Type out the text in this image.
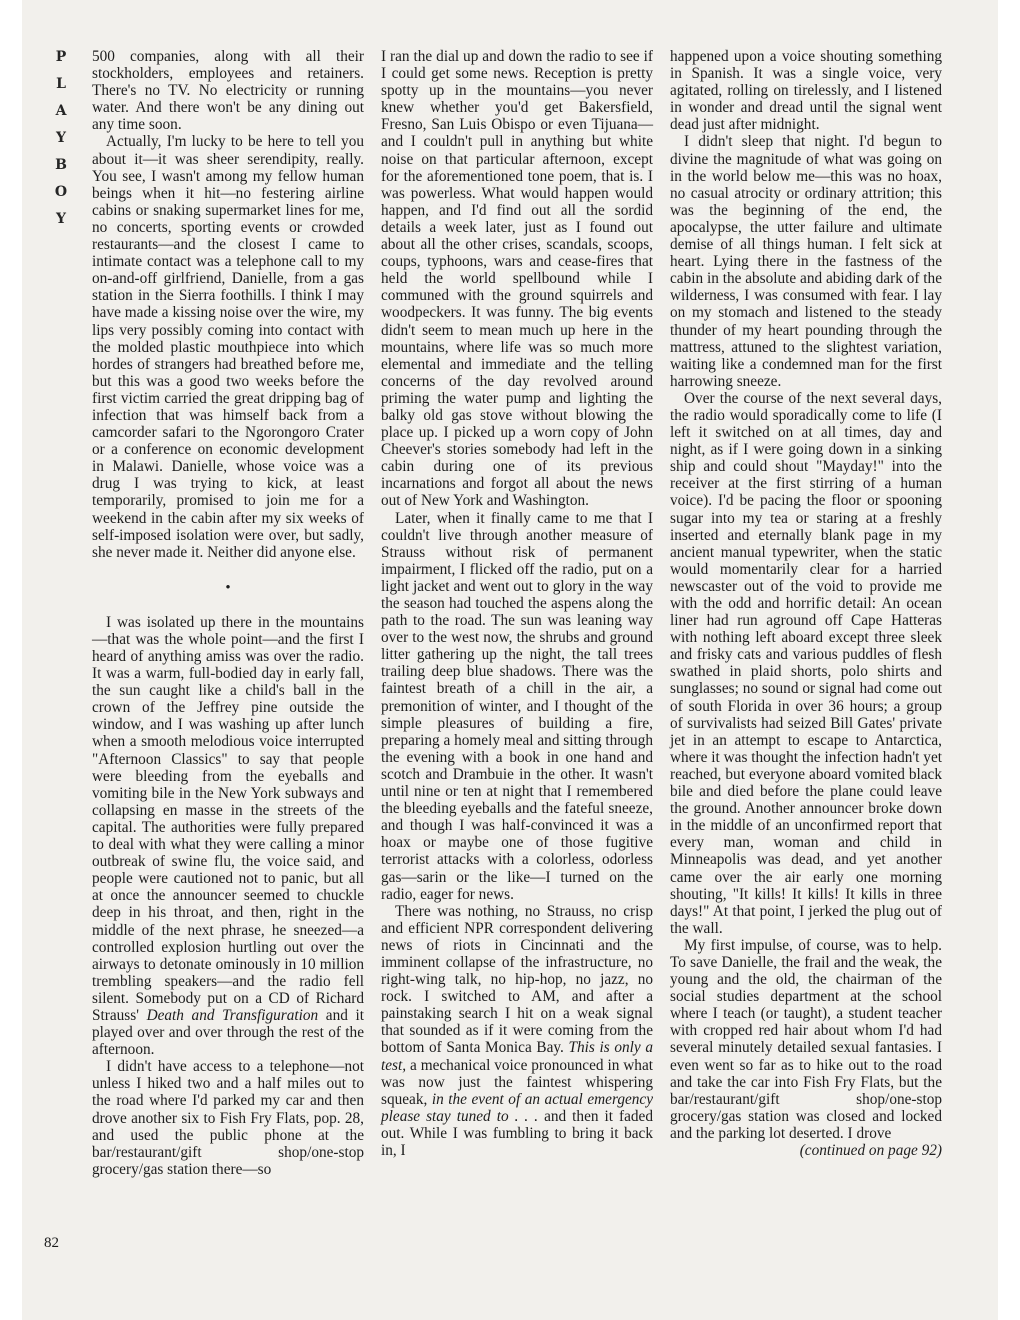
P
L
A
Y
B
O
Y
82

500 companies, along with all their stockholders, employees and retainers. There's no TV. No electricity or running water. And there won't be any dining out any time soon.

Actually, I'm lucky to be here to tell you about it—it was sheer serendipity, really. You see, I wasn't among my fellow human beings when it hit—no festering airline cabins or snaking supermarket lines for me, no concerts, sporting events or crowded restaurants—and the closest I came to intimate contact was a telephone call to my on-and-off girlfriend, Danielle, from a gas station in the Sierra foothills. I think I may have made a kissing noise over the wire, my lips very possibly coming into contact with the molded plastic mouthpiece into which hordes of strangers had breathed before me, but this was a good two weeks before the first victim carried the great dripping bag of infection that was himself back from a camcorder safari to the Ngorongoro Crater or a conference on economic development in Malawi. Danielle, whose voice was a drug I was trying to kick, at least temporarily, promised to join me for a weekend in the cabin after my six weeks of self-imposed isolation were over, but sadly, she never made it. Neither did anyone else.

•

I was isolated up there in the mountains—that was the whole point—and the first I heard of anything amiss was over the radio. It was a warm, full-bodied day in early fall, the sun caught like a child's ball in the crown of the Jeffrey pine outside the window, and I was washing up after lunch when a smooth melodious voice interrupted "Afternoon Classics" to say that people were bleeding from the eyeballs and vomiting bile in the New York subways and collapsing en masse in the streets of the capital. The authorities were fully prepared to deal with what they were calling a minor outbreak of swine flu, the voice said, and people were cautioned not to panic, but all at once the announcer seemed to chuckle deep in his throat, and then, right in the middle of the next phrase, he sneezed—a controlled explosion hurtling out over the airways to detonate ominously in 10 million trembling speakers—and the radio fell silent. Somebody put on a CD of Richard Strauss' Death and Transfiguration and it played over and over through the rest of the afternoon.

I didn't have access to a telephone—not unless I hiked two and a half miles out to the road where I'd parked my car and then drove another six to Fish Fry Flats, pop. 28, and used the public phone at the bar/restaurant/gift shop/one-stop grocery/gas station there—so

I ran the dial up and down the radio to see if I could get some news. Reception is pretty spotty up in the mountains—you never knew whether you'd get Bakersfield, Fresno, San Luis Obispo or even Tijuana—and I couldn't pull in anything but white noise on that particular afternoon, except for the aforementioned tone poem, that is. I was powerless. What would happen would happen, and I'd find out all the sordid details a week later, just as I found out about all the other crises, scandals, scoops, coups, typhoons, wars and cease-fires that held the world spellbound while I communed with the ground squirrels and woodpeckers. It was funny. The big events didn't seem to mean much up here in the mountains, where life was so much more elemental and immediate and the telling concerns of the day revolved around priming the water pump and lighting the balky old gas stove without blowing the place up. I picked up a worn copy of John Cheever's stories somebody had left in the cabin during one of its previous incarnations and forgot all about the news out of New York and Washington.

Later, when it finally came to me that I couldn't live through another measure of Strauss without risk of permanent impairment, I flicked off the radio, put on a light jacket and went out to glory in the way the season had touched the aspens along the path to the road. The sun was leaning way over to the west now, the shrubs and ground litter gathering up the night, the tall trees trailing deep blue shadows. There was the faintest breath of a chill in the air, a premonition of winter, and I thought of the simple pleasures of building a fire, preparing a homely meal and sitting through the evening with a book in one hand and scotch and Drambuie in the other. It wasn't until nine or ten at night that I remembered the bleeding eyeballs and the fateful sneeze, and though I was half-convinced it was a hoax or maybe one of those fugitive terrorist attacks with a colorless, odorless gas—sarin or the like—I turned on the radio, eager for news.

There was nothing, no Strauss, no crisp and efficient NPR correspondent delivering news of riots in Cincinnati and the imminent collapse of the infrastructure, no right-wing talk, no hip-hop, no jazz, no rock. I switched to AM, and after a painstaking search I hit on a weak signal that sounded as if it were coming from the bottom of Santa Monica Bay. This is only a test, a mechanical voice pronounced in what was now just the faintest whispering squeak, in the event of an actual emergency please stay tuned to . . . and then it faded out. While I was fumbling to bring it back in, I

happened upon a voice shouting something in Spanish. It was a single voice, very agitated, rolling on tirelessly, and I listened in wonder and dread until the signal went dead just after midnight.

I didn't sleep that night. I'd begun to divine the magnitude of what was going on in the world below me—this was no hoax, no casual atrocity or ordinary attrition; this was the beginning of the end, the apocalypse, the utter failure and ultimate demise of all things human. I felt sick at heart. Lying there in the fastness of the cabin in the absolute and abiding dark of the wilderness, I was consumed with fear. I lay on my stomach and listened to the steady thunder of my heart pounding through the mattress, attuned to the slightest variation, waiting like a condemned man for the first harrowing sneeze.

Over the course of the next several days, the radio would sporadically come to life (I left it switched on at all times, day and night, as if I were going down in a sinking ship and could shout "Mayday!" into the receiver at the first stirring of a human voice). I'd be pacing the floor or spooning sugar into my tea or staring at a freshly inserted and eternally blank page in my ancient manual typewriter, when the static would momentarily clear for a harried newscaster out of the void to provide me with the odd and horrific detail: An ocean liner had run aground off Cape Hatteras with nothing left aboard except three sleek and frisky cats and various puddles of flesh swathed in plaid shorts, polo shirts and sunglasses; no sound or signal had come out of south Florida in over 36 hours; a group of survivalists had seized Bill Gates' private jet in an attempt to escape to Antarctica, where it was thought the infection hadn't yet reached, but everyone aboard vomited black bile and died before the plane could leave the ground. Another announcer broke down in the middle of an unconfirmed report that every man, woman and child in Minneapolis was dead, and yet another came over the air early one morning shouting, "It kills! It kills! It kills in three days!" At that point, I jerked the plug out of the wall.

My first impulse, of course, was to help. To save Danielle, the frail and the weak, the young and the old, the chairman of the social studies department at the school where I teach (or taught), a student teacher with cropped red hair about whom I'd had several minutely detailed sexual fantasies. I even went so far as to hike out to the road and take the car into Fish Fry Flats, but the bar/restaurant/gift shop/one-stop grocery/gas station was closed and locked and the parking lot deserted. I drove

(continued on page 92)
